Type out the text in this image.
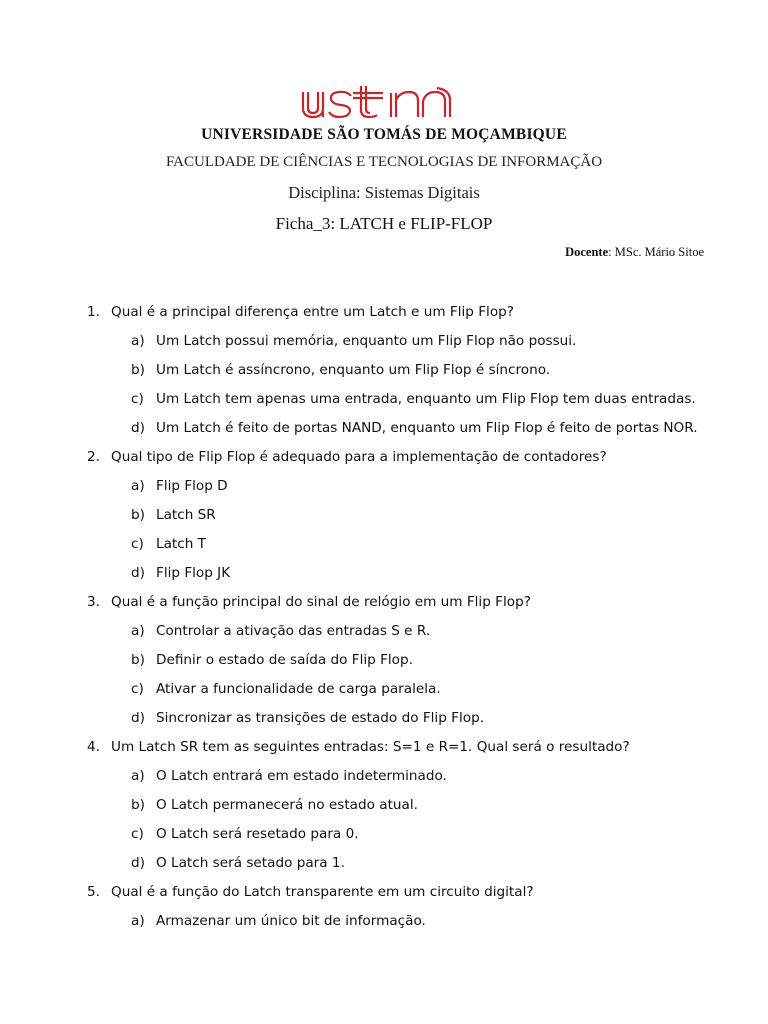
UNIVERSIDADE SÃO TOMÁS DE MOÇAMBIQUE
FACULDADE DE CIÊNCIAS E TECNOLOGIAS DE INFORMAÇÃO
Disciplina: Sistemas Digitais
Ficha_3: LATCH e FLIP-FLOP
Docente: MSc. Mário Sitoe
1. Qual é a principal diferença entre um Latch e um Flip Flop?
a) Um Latch possui memória, enquanto um Flip Flop não possui.
b) Um Latch é assíncrono, enquanto um Flip Flop é síncrono.
c) Um Latch tem apenas uma entrada, enquanto um Flip Flop tem duas entradas.
d) Um Latch é feito de portas NAND, enquanto um Flip Flop é feito de portas NOR.
2. Qual tipo de Flip Flop é adequado para a implementação de contadores?
a) Flip Flop D
b) Latch SR
c) Latch T
d) Flip Flop JK
3. Qual é a função principal do sinal de relógio em um Flip Flop?
a) Controlar a ativação das entradas S e R.
b) Definir o estado de saída do Flip Flop.
c) Ativar a funcionalidade de carga paralela.
d) Sincronizar as transições de estado do Flip Flop.
4. Um Latch SR tem as seguintes entradas: S=1 e R=1. Qual será o resultado?
a) O Latch entrará em estado indeterminado.
b) O Latch permanecerá no estado atual.
c) O Latch será resetado para 0.
d) O Latch será setado para 1.
5. Qual é a função do Latch transparente em um circuito digital?
a) Armazenar um único bit de informação.
